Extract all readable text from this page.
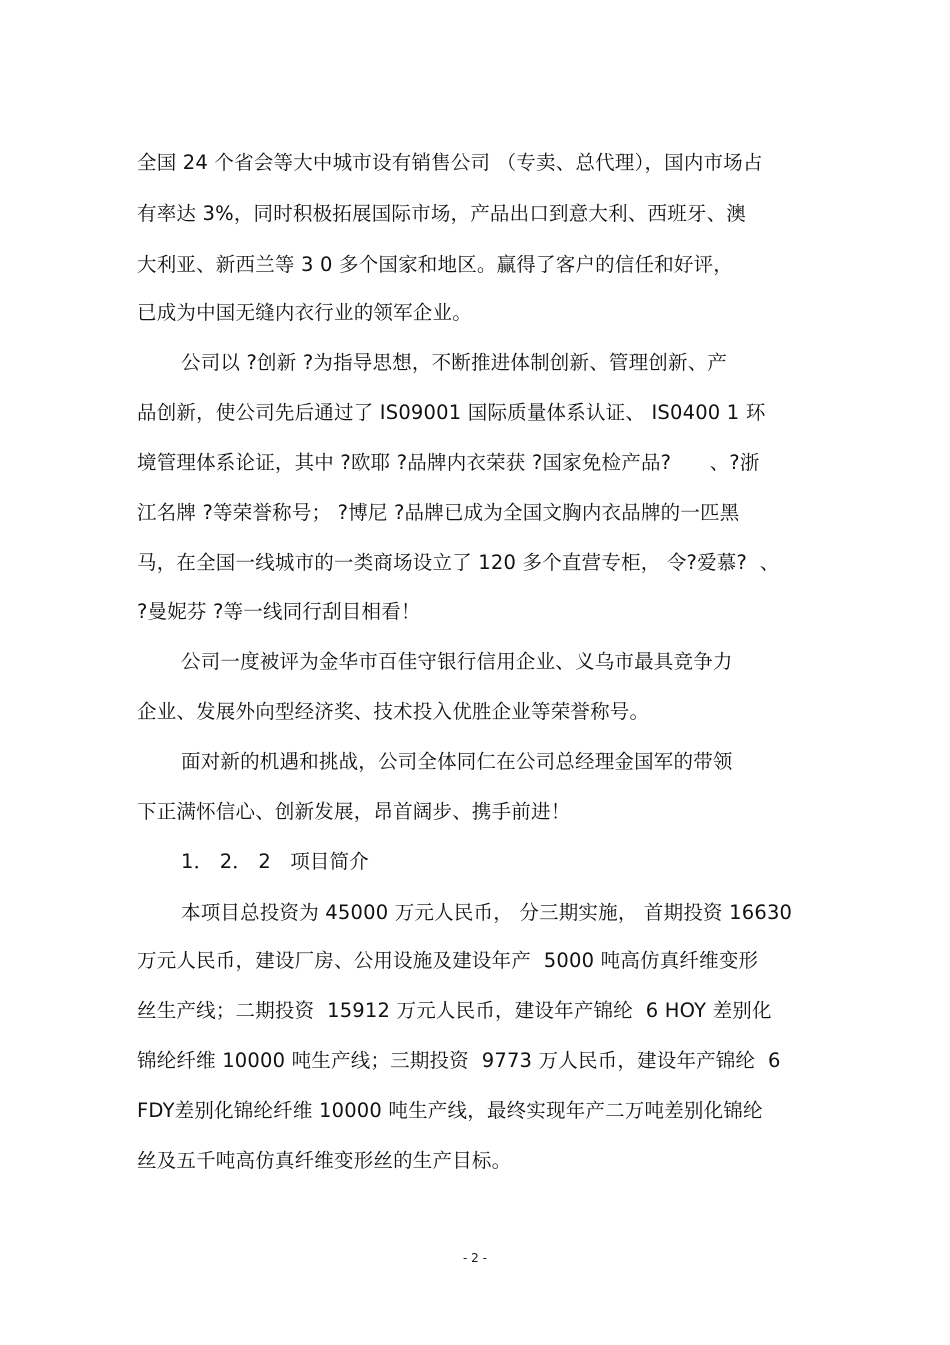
全国 24 个省会等大中城市设有销售公司 （专卖、总代理），国内市场占
有率达 3%，同时积极拓展国际市场，产品出口到意大利、西班牙、澳
大利亚、新西兰等 3 0 多个国家和地区。赢得了客户的信任和好评，
已成为中国无缝内衣行业的领军企业。
公司以 ?创新 ?为指导思想，不断推进体制创新、管理创新、产
品创新，使公司先后通过了 IS09001 国际质量体系认证、 IS0400 1 环
境管理体系论证，其中 ?欧耶 ?品牌内衣荣获 ?国家免检产品?      、?浙
江名牌 ?等荣誉称号； ?博尼 ?品牌已成为全国文胸内衣品牌的一匹黑
马，在全国一线城市的一类商场设立了 120 多个直营专柜， 令?爱慕?  、
?曼妮芬 ?等一线同行刮目相看！
公司一度被评为金华市百佳守银行信用企业、义乌市最具竞争力
企业、发展外向型经济奖、技术投入优胜企业等荣誉称号。
面对新的机遇和挑战，公司全体同仁在公司总经理金国军的带领
下正满怀信心、创新发展，昂首阔步、携手前进！
1． 2． 2   项目简介
本项目总投资为 45000 万元人民币， 分三期实施， 首期投资 16630
万元人民币，建设厂房、公用设施及建设年产  5000 吨高仿真纤维变形
丝生产线；二期投资  15912 万元人民币，建设年产锦纶  6 HOY 差别化
锦纶纤维 10000 吨生产线；三期投资  9773 万人民币，建设年产锦纶  6
FDY差别化锦纶纤维 10000 吨生产线，最终实现年产二万吨差别化锦纶
丝及五千吨高仿真纤维变形丝的生产目标。
- 2 -
